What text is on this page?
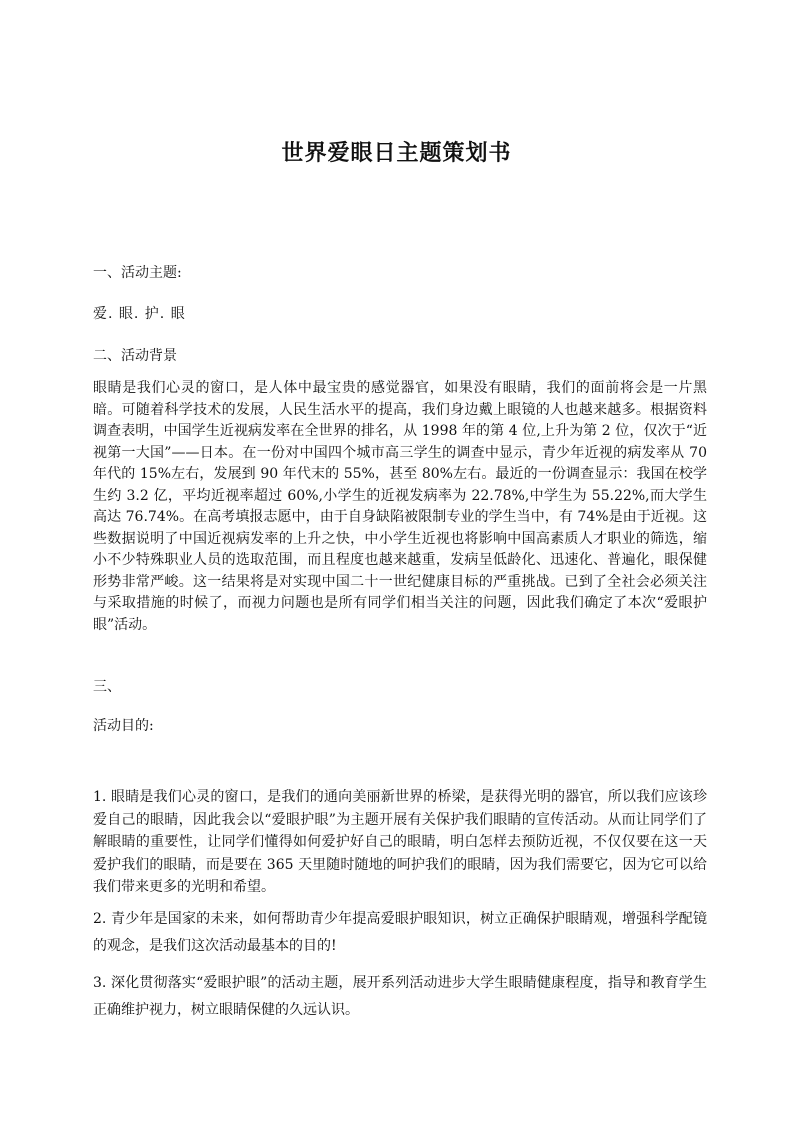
世界爱眼日主题策划书
一、活动主题:
爱. 眼. 护. 眼
二、活动背景

眼睛是我们心灵的窗口，是人体中最宝贵的感觉器官，如果没有眼睛，我们的面前将会是一片黑暗。可随着科学技术的发展，人民生活水平的提高，我们身边戴上眼镜的人也越来越多。根据资料调查表明，中国学生近视病发率在全世界的排名，从 1998 年的第 4 位,上升为第 2 位，仅次于“近视第一大国”——日本。在一份对中国四个城市高三学生的调查中显示，青少年近视的病发率从 70 年代的 15%左右，发展到 90 年代末的 55%，甚至 80%左右。最近的一份调查显示：我国在校学生约 3.2 亿，平均近视率超过 60%,小学生的近视发病率为 22.78%,中学生为 55.22%,而大学生高达 76.74%。在高考填报志愿中，由于自身缺陷被限制专业的学生当中，有 74%是由于近视。这些数据说明了中国近视病发率的上升之快，中小学生近视也将影响中国高素质人才职业的筛选，缩小不少特殊职业人员的选取范围，而且程度也越来越重，发病呈低龄化、迅速化、普遍化，眼保健形势非常严峻。这一结果将是对实现中国二十一世纪健康目标的严重挑战。已到了全社会必须关注与采取措施的时候了，而视力问题也是所有同学们相当关注的问题，因此我们确定了本次“爱眼护眼”活动。

三、
活动目的:

1. 眼睛是我们心灵的窗口，是我们的通向美丽新世界的桥梁，是获得光明的器官，所以我们应该珍爱自己的眼睛，因此我会以“爱眼护眼”为主题开展有关保护我们眼睛的宣传活动。从而让同学们了解眼睛的重要性，让同学们懂得如何爱护好自己的眼睛，明白怎样去预防近视，不仅仅要在这一天爱护我们的眼睛，而是要在 365 天里随时随地的呵护我们的眼睛，因为我们需要它，因为它可以给我们带来更多的光明和希望。

2. 青少年是国家的未来，如何帮助青少年提高爱眼护眼知识，树立正确保护眼睛观，增强科学配镜的观念，是我们这次活动最基本的目的!

3. 深化贯彻落实“爱眼护眼”的活动主题，展开系列活动进步大学生眼睛健康程度，指导和教育学生正确维护视力，树立眼睛保健的久远认识。
